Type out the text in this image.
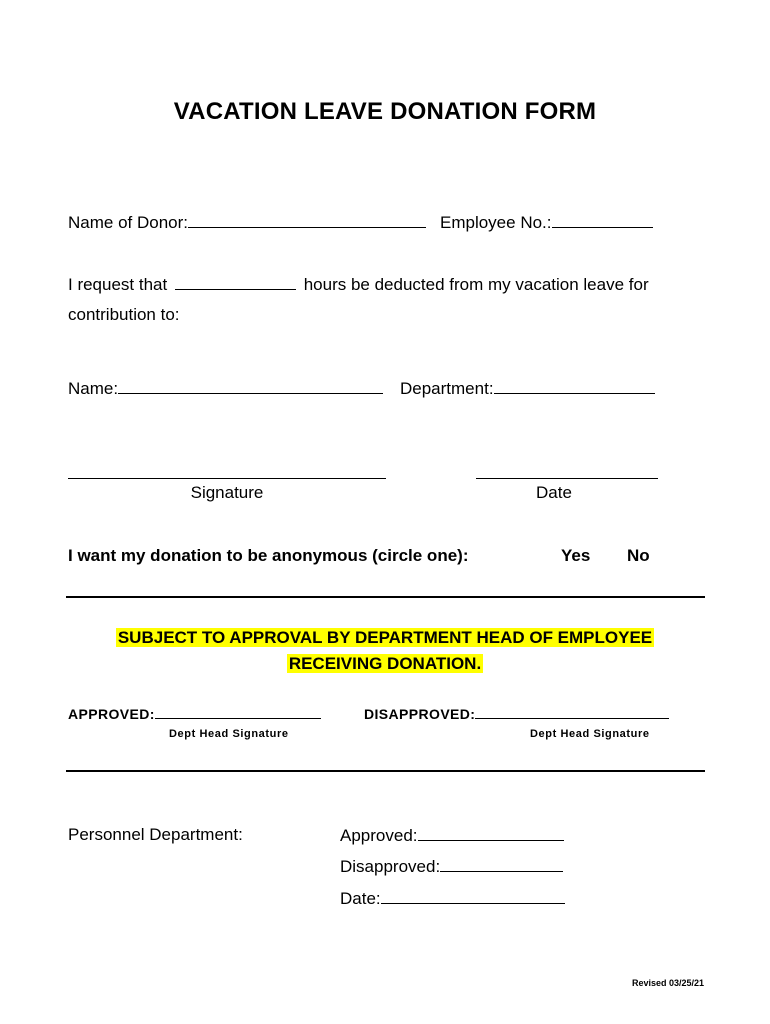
VACATION LEAVE DONATION FORM
Name of Donor:	Employee No.:
I request that	hours be deducted from my vacation leave for
contribution to:
Name:	Department:
Signature	Date
I want my donation to be anonymous (circle one):	Yes No
SUBJECT TO APPROVAL BY DEPARTMENT HEAD OF EMPLOYEE
RECEIVING DONATION.
APPROVED:
Dept Head Signature
DISAPPROVED:
Dept Head Signature
Personnel Department:	Approved:
Disapproved:
Date:
Revised 03/25/21
